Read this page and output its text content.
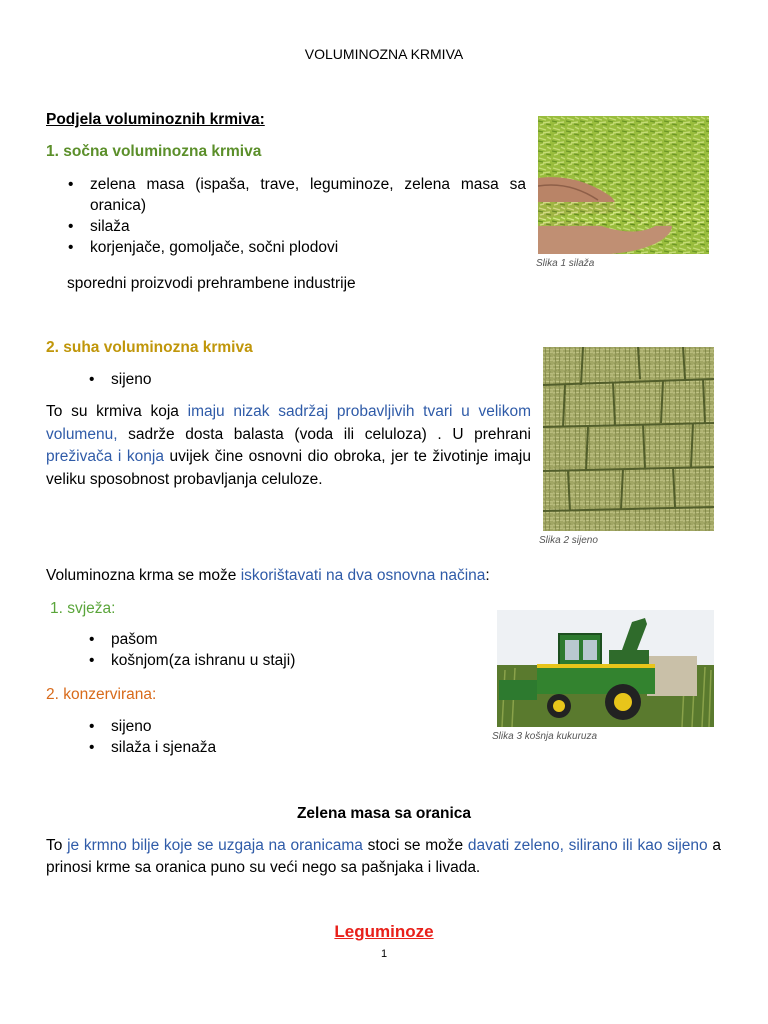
VOLUMINOZNA KRMIVA
Podjela voluminoznih krmiva:
1. sočna voluminozna krmiva
• zelena masa (ispaša, trave, leguminoze, zelena masa sa oranica)
• silaža
• korjenjače, gomoljače, sočni plodovi
sporedni proizvodi prehrambene industrije
2. suha voluminozna krmiva
• sijeno
To su krmiva koja imaju nizak sadržaj probavljivih tvari u velikom volumenu, sadrže dosta balasta (voda ili celuloza) . U prehrani preživača i konja uvijek čine osnovni dio obroka, jer te životinje imaju veliku sposobnost probavljanja celuloze.
Voluminozna krma se može iskorištavati na dva osnovna načina:
1. svježa:
• pašom
• košnjom(za ishranu u staji)
2. konzervirana:
• sijeno
• silaža i sjenaža
Zelena masa sa oranica
To je krmno bilje koje se uzgaja na oranicama stoci se može davati zeleno, silirano ili kao sijeno a prinosi krme sa oranica puno su veći nego sa pašnjaka i livada.
Leguminoze
1
Slika 1 silaža
Slika 2 sijeno
Slika 3 košnja kukuruza
